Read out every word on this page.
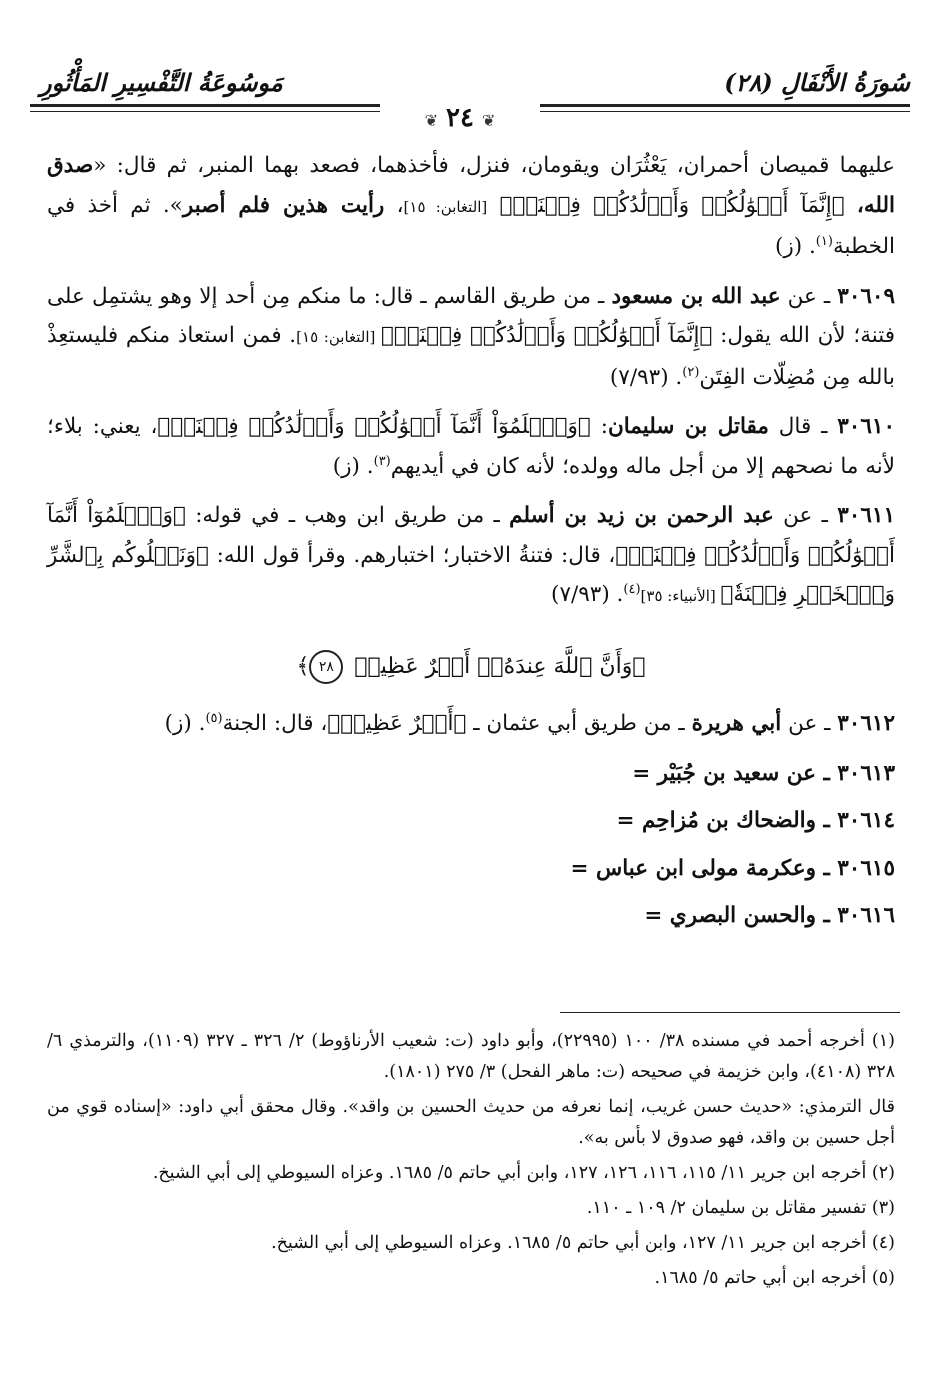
سُورَةُ الأَنْفَالِ (٢٨)
مَوسُوعَةُ التَّفْسِيرِ المَأْثُورِ
❦٢٤❦

عليهما قميصان أحمران، يَعْثُرَان ويقومان، فنزل، فأخذهما، فصعد بهما المنبر، ثم قال: «صدق الله، ﴿إِنَّمَآ أَمۡوَٰلُكُمۡ وَأَوۡلَٰدُكُمۡ فِتۡنَةٞ﴾ [التغابن: ١٥]، رأيت هذين فلم أصبر». ثم أخذ في الخطبة$^{(١)}$. (ز)

٣٠٦٠٩ ـ عن عبد الله بن مسعود ـ من طريق القاسم ـ قال: ما منكم مِن أحد إلا وهو يشتمِل على فتنة؛ لأن الله يقول: ﴿إِنَّمَآ أَمۡوَٰلُكُمۡ وَأَوۡلَٰدُكُمۡ فِتۡنَةٞ﴾ [التغابن: ١٥]. فمن استعاذ منكم فليستعِذْ بالله مِن مُضِلّات الفِتَن$^{(٢)}$. (٧/٩٣)

٣٠٦١٠ ـ قال مقاتل بن سليمان: ﴿وَٱعۡلَمُوٓاْ أَنَّمَآ أَمۡوَٰلُكُمۡ وَأَوۡلَٰدُكُمۡ فِتۡنَةٞ﴾، يعني: بلاء؛ لأنه ما نصحهم إلا من أجل ماله وولده؛ لأنه كان في أيديهم$^{(٣)}$. (ز)

٣٠٦١١ ـ عن عبد الرحمن بن زيد بن أسلم ـ من طريق ابن وهب ـ في قوله: ﴿وَٱعۡلَمُوٓاْ أَنَّمَآ أَمۡوَٰلُكُمۡ وَأَوۡلَٰدُكُمۡ فِتۡنَةٞ﴾، قال: فتنةُ الاختبار؛ اختبارهم. وقرأ قول الله: ﴿وَنَبۡلُوكُم بِٱلشَّرِّ وَٱلۡخَيۡرِ فِتۡنَةٗ﴾ [الأنبياء: ٣٥]$^{(٤)}$. (٧/٩٣)

﴿وَأَنَّ ٱللَّهَ عِندَهُۥٓ أَجۡرٌ عَظِيمٞ ٢٨﴾

٣٠٦١٢ ـ عن أبي هريرة ـ من طريق أبي عثمان ـ ﴿أَجۡرٌ عَظِيمٞ﴾، قال: الجنة$^{(٥)}$. (ز)

٣٠٦١٣ ـ عن سعيد بن جُبَيْر =
٣٠٦١٤ ـ والضحاك بن مُزاحِم =
٣٠٦١٥ ـ وعكرمة مولى ابن عباس =
٣٠٦١٦ ـ والحسن البصري =

(١) أخرجه أحمد في مسنده ٣٨/ ١٠٠ (٢٢٩٩٥)، وأبو داود (ت: شعيب الأرناؤوط) ٢/ ٣٢٦ ـ ٣٢٧ (١١٠٩)، والترمذي ٦/ ٣٢٨ (٤١٠٨)، وابن خزيمة في صحيحه (ت: ماهر الفحل) ٣/ ٢٧٥ (١٨٠١).

قال الترمذي: «حديث حسن غريب، إنما نعرفه من حديث الحسين بن واقد». وقال محقق أبي داود: «إسناده قوي من أجل حسين بن واقد، فهو صدوق لا بأس به».

(٢) أخرجه ابن جرير ١١/ ١١٥، ١١٦، ١٢٦، ١٢٧، وابن أبي حاتم ٥/ ١٦٨٥. وعزاه السيوطي إلى أبي الشيخ.

(٣) تفسير مقاتل بن سليمان ٢/ ١٠٩ ـ ١١٠.

(٤) أخرجه ابن جرير ١١/ ١٢٧، وابن أبي حاتم ٥/ ١٦٨٥. وعزاه السيوطي إلى أبي الشيخ.

(٥) أخرجه ابن أبي حاتم ٥/ ١٦٨٥.
